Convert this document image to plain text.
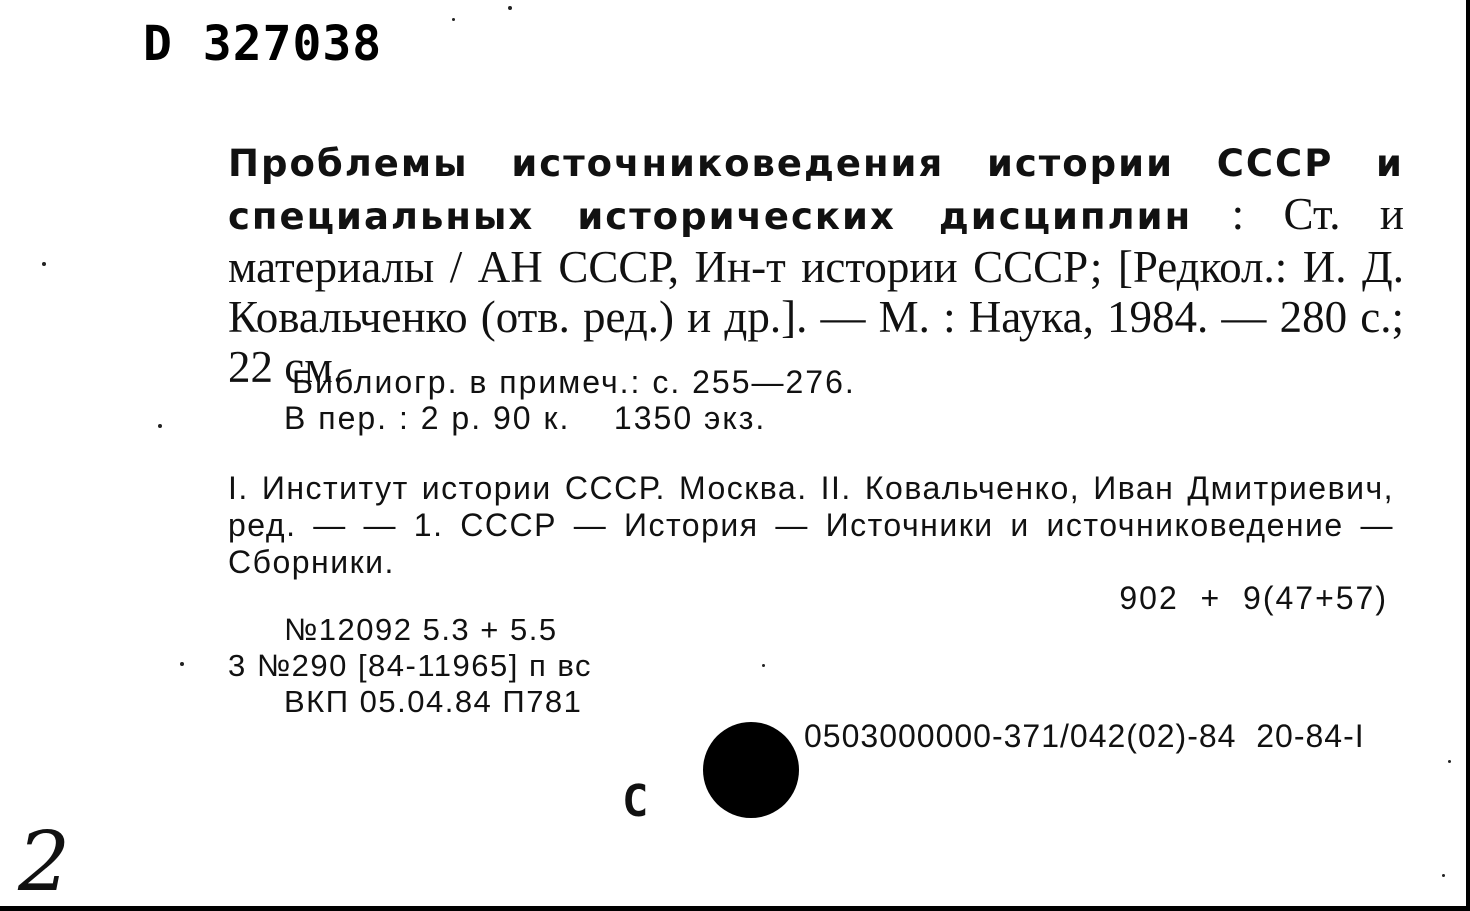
D 327038
Проблемы источниковедения истории СССР и специальных исторических дисциплин : Ст. и материалы / АН СССР, Ин-т истории СССР; [Редкол.: И. Д. Ковальченко (отв. ред.) и др.]. — М. : Наука, 1984. — 280 с.; 22 см.
Библиогр. в примеч.: с. 255—276.
В пер. : 2 р. 90 к.    1350 экз.
I. Институт истории СССР. Москва. II. Ковальченко, Иван Дмитриевич, ред. — — 1. СССР — История — Источники и источниковедение — Сборники.
902  +  9(47+57)
№12092 5.3 + 5.5
3 №290 [84-11965] п вс
ВКП 05.04.84 П781
0503000000-371/042(02)-84  20-84-I
С
2
